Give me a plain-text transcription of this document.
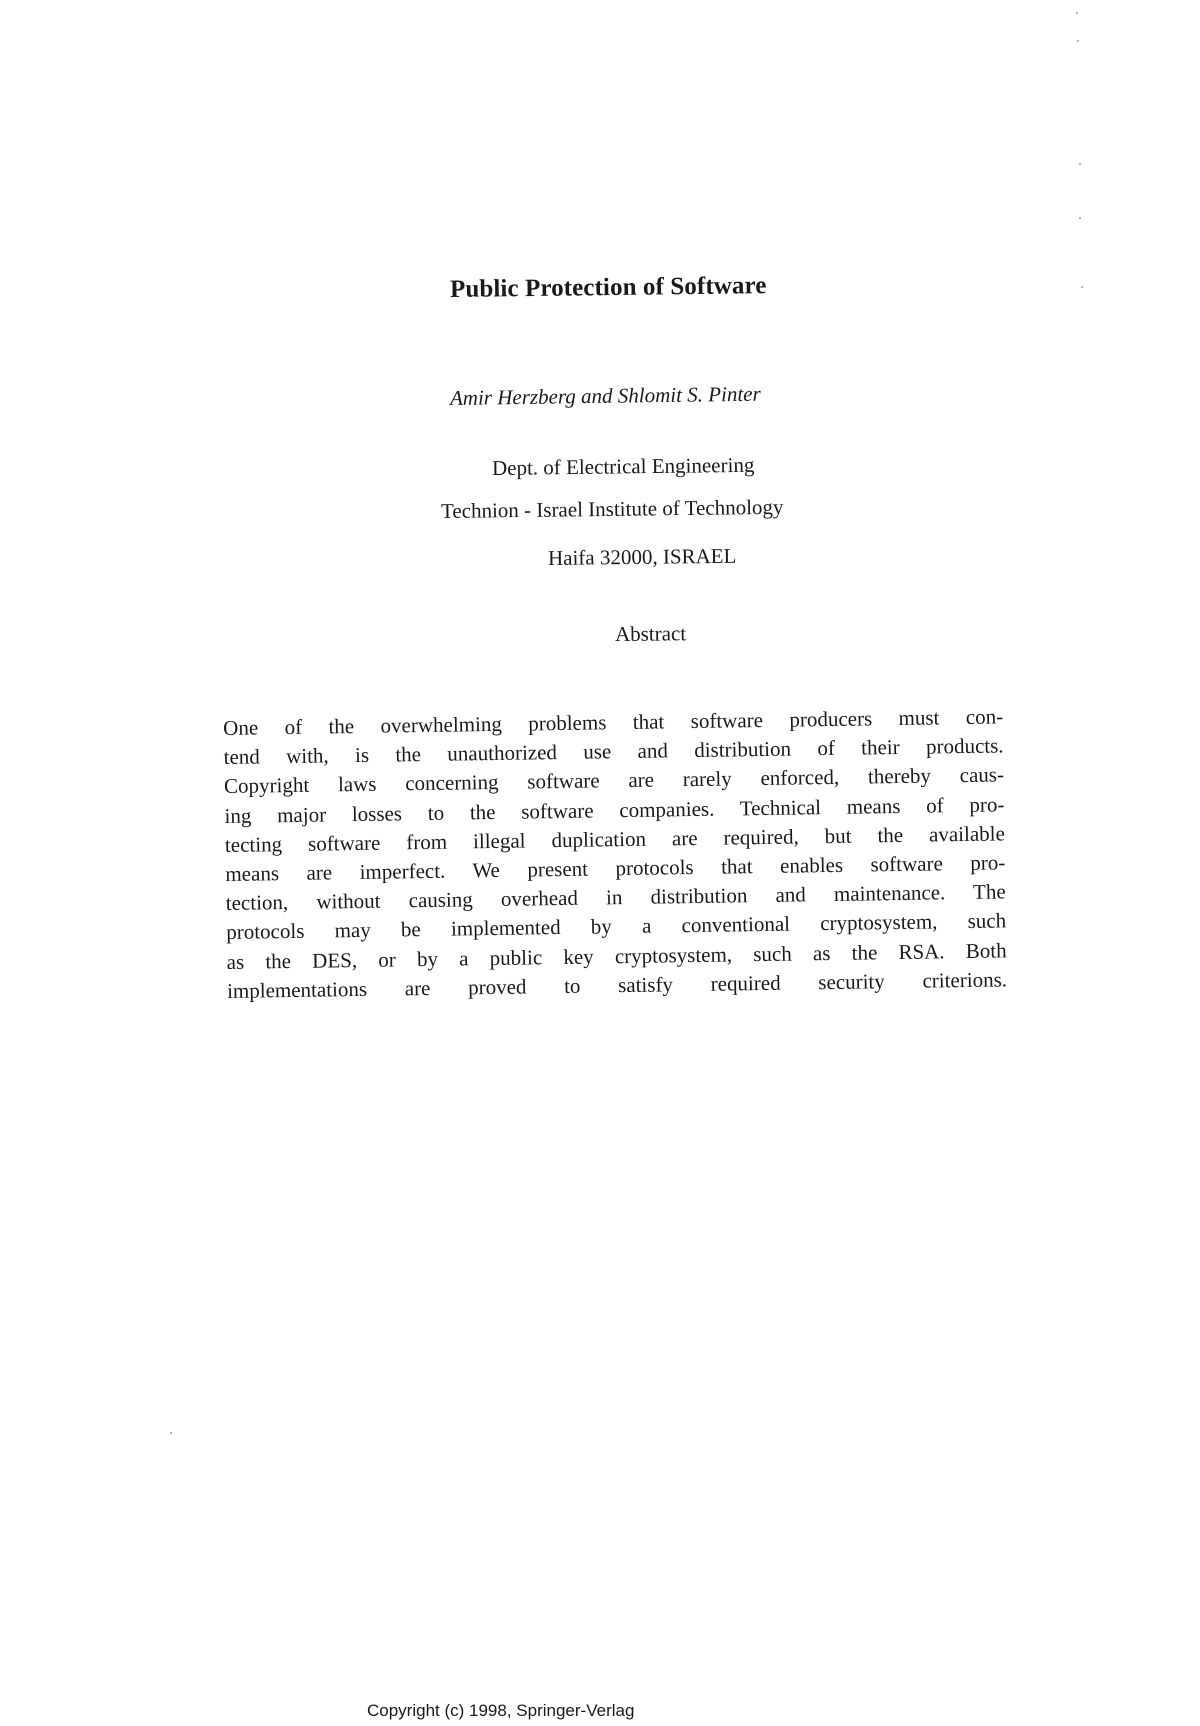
Public Protection of Software
Amir Herzberg and Shlomit S. Pinter
Dept. of Electrical Engineering
Technion - Israel Institute of Technology
Haifa 32000, ISRAEL
Abstract
One of the overwhelming problems that software producers must con-
tend with, is the unauthorized use and distribution of their products.
Copyright laws concerning software are rarely enforced, thereby caus-
ing major losses to the software companies. Technical means of pro-
tecting software from illegal duplication are required, but the available
means are imperfect. We present protocols that enables software pro-
tection, without causing overhead in distribution and maintenance. The
protocols may be implemented by a conventional cryptosystem, such
as the DES, or by a public key cryptosystem, such as the RSA. Both
implementations are proved to satisfy required security criterions.
Copyright (c) 1998, Springer-Verlag
